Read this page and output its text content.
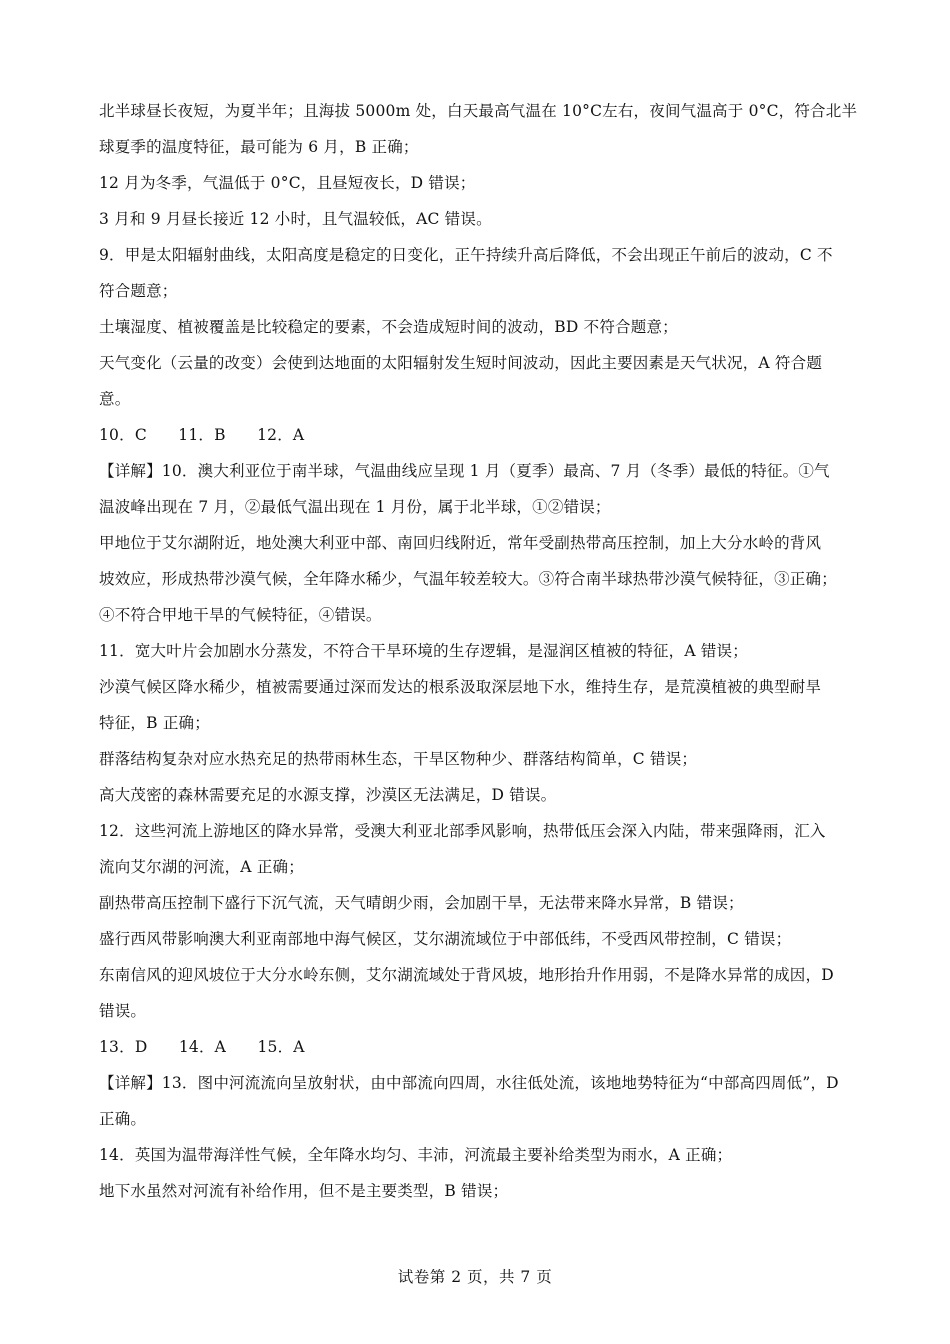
北半球昼长夜短，为夏半年；且海拔 5000m 处，白天最高气温在 10°C左右，夜间气温高于 0°C，符合北半
球夏季的温度特征，最可能为 6 月，B 正确；
12 月为冬季，气温低于 0°C，且昼短夜长，D 错误；
3 月和 9 月昼长接近 12 小时，且气温较低，AC 错误。
9．甲是太阳辐射曲线，太阳高度是稳定的日变化，正午持续升高后降低，不会出现正午前后的波动，C 不
符合题意；
土壤湿度、植被覆盖是比较稳定的要素，不会造成短时间的波动，BD 不符合题意；
天气变化（云量的改变）会使到达地面的太阳辐射发生短时间波动，因此主要因素是天气状况，A 符合题
意。
10．C　　11．B　　12．A
【详解】10．澳大利亚位于南半球，气温曲线应呈现 1 月（夏季）最高、7 月（冬季）最低的特征。①气
温波峰出现在 7 月，②最低气温出现在 1 月份，属于北半球，①②错误；
甲地位于艾尔湖附近，地处澳大利亚中部、南回归线附近，常年受副热带高压控制，加上大分水岭的背风
坡效应，形成热带沙漠气候，全年降水稀少，气温年较差较大。③符合南半球热带沙漠气候特征，③正确；
④不符合甲地干旱的气候特征，④错误。
11．宽大叶片会加剧水分蒸发，不符合干旱环境的生存逻辑，是湿润区植被的特征，A 错误；
沙漠气候区降水稀少，植被需要通过深而发达的根系汲取深层地下水，维持生存，是荒漠植被的典型耐旱
特征，B 正确；
群落结构复杂对应水热充足的热带雨林生态，干旱区物种少、群落结构简单，C 错误；
高大茂密的森林需要充足的水源支撑，沙漠区无法满足，D 错误。
12．这些河流上游地区的降水异常，受澳大利亚北部季风影响，热带低压会深入内陆，带来强降雨，汇入
流向艾尔湖的河流，A 正确；
副热带高压控制下盛行下沉气流，天气晴朗少雨，会加剧干旱，无法带来降水异常，B 错误；
盛行西风带影响澳大利亚南部地中海气候区，艾尔湖流域位于中部低纬，不受西风带控制，C 错误；
东南信风的迎风坡位于大分水岭东侧，艾尔湖流域处于背风坡，地形抬升作用弱，不是降水异常的成因，D
错误。
13．D　　14．A　　15．A
【详解】13．图中河流流向呈放射状，由中部流向四周，水往低处流，该地地势特征为“中部高四周低”，D
正确。
14．英国为温带海洋性气候，全年降水均匀、丰沛，河流最主要补给类型为雨水，A 正确；
地下水虽然对河流有补给作用，但不是主要类型，B 错误；
试卷第 2 页，共 7 页
